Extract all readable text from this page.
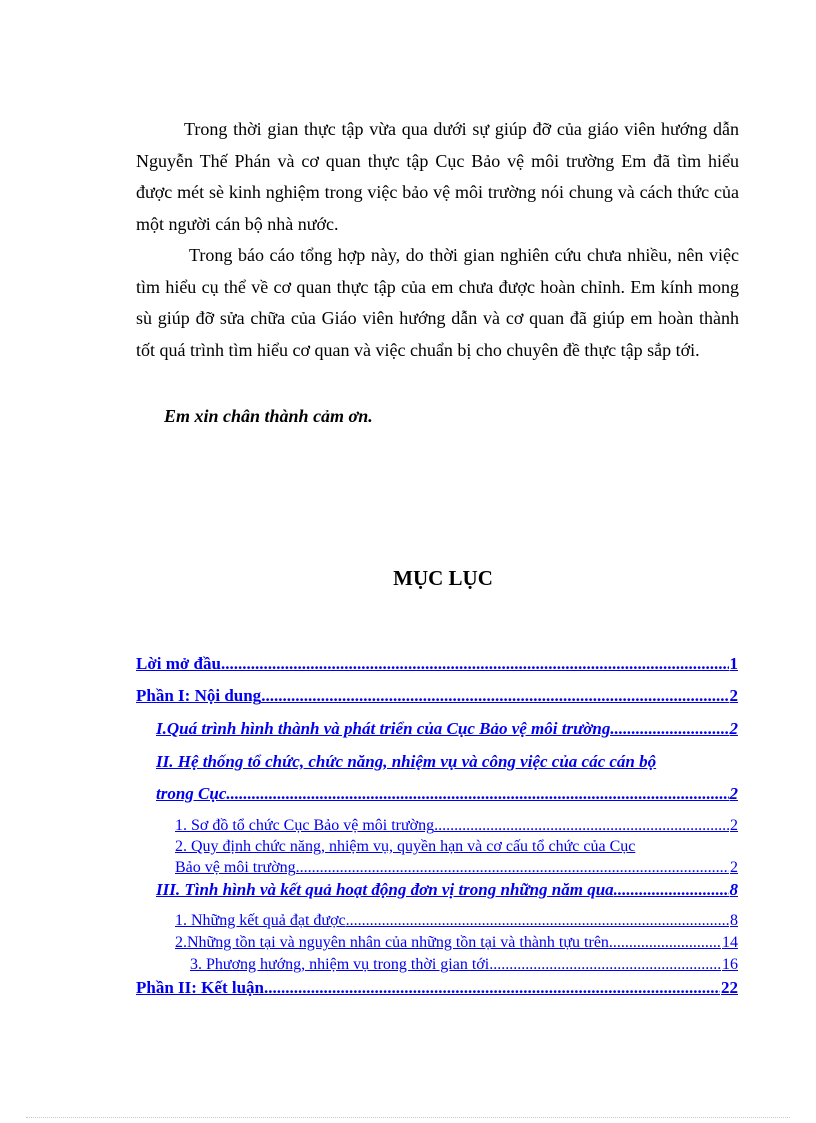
Trong thời gian thực tập vừa qua dưới sự giúp đỡ của giáo viên hướng dẫn Nguyễn Thế Phán và cơ quan thực tập Cục Bảo vệ môi trường Em đã tìm hiểu được mét sè kinh nghiệm trong việc bảo vệ môi trường nói chung và cách thức của một người cán bộ nhà nước.
Trong báo cáo tổng hợp này, do thời gian nghiên cứu chưa nhiều, nên việc tìm hiểu cụ thể về cơ quan thực tập của em chưa được hoàn chỉnh. Em kính mong sù giúp đỡ sửa chữa của Giáo viên hướng dẫn và cơ quan đã giúp em hoàn thành tốt quá trình tìm hiểu cơ quan và việc chuẩn bị cho chuyên đề thực tập sắp tới.
Em xin chân thành cảm ơn.
MỤC LỤC
Lời mở đầu .....	1
Phần I: Nội dung .....	2
I.Quá trình hình thành và phát triển của Cục Bảo vệ môi trường .....	2
II. Hệ thống tổ chức, chức năng, nhiệm vụ và công việc của các cán bộ
trong Cục .....	2
1. Sơ đồ tổ chức Cục Bảo vệ môi trường .....	2
2. Quy định chức năng, nhiệm vụ, quyền hạn và cơ cấu tổ chức của Cục
Bảo vệ môi trường .....	2
III. Tình hình và kết quả hoạt động đơn vị trong những năm qua .....	8
1. Những kết quả đạt được .....	8
2.Những tồn tại và nguyên nhân của những tồn tại và thành tựu trên .....	14
3. Phương hướng, nhiệm vụ trong thời gian tới .....	16
Phần II: Kết luận .....	22
